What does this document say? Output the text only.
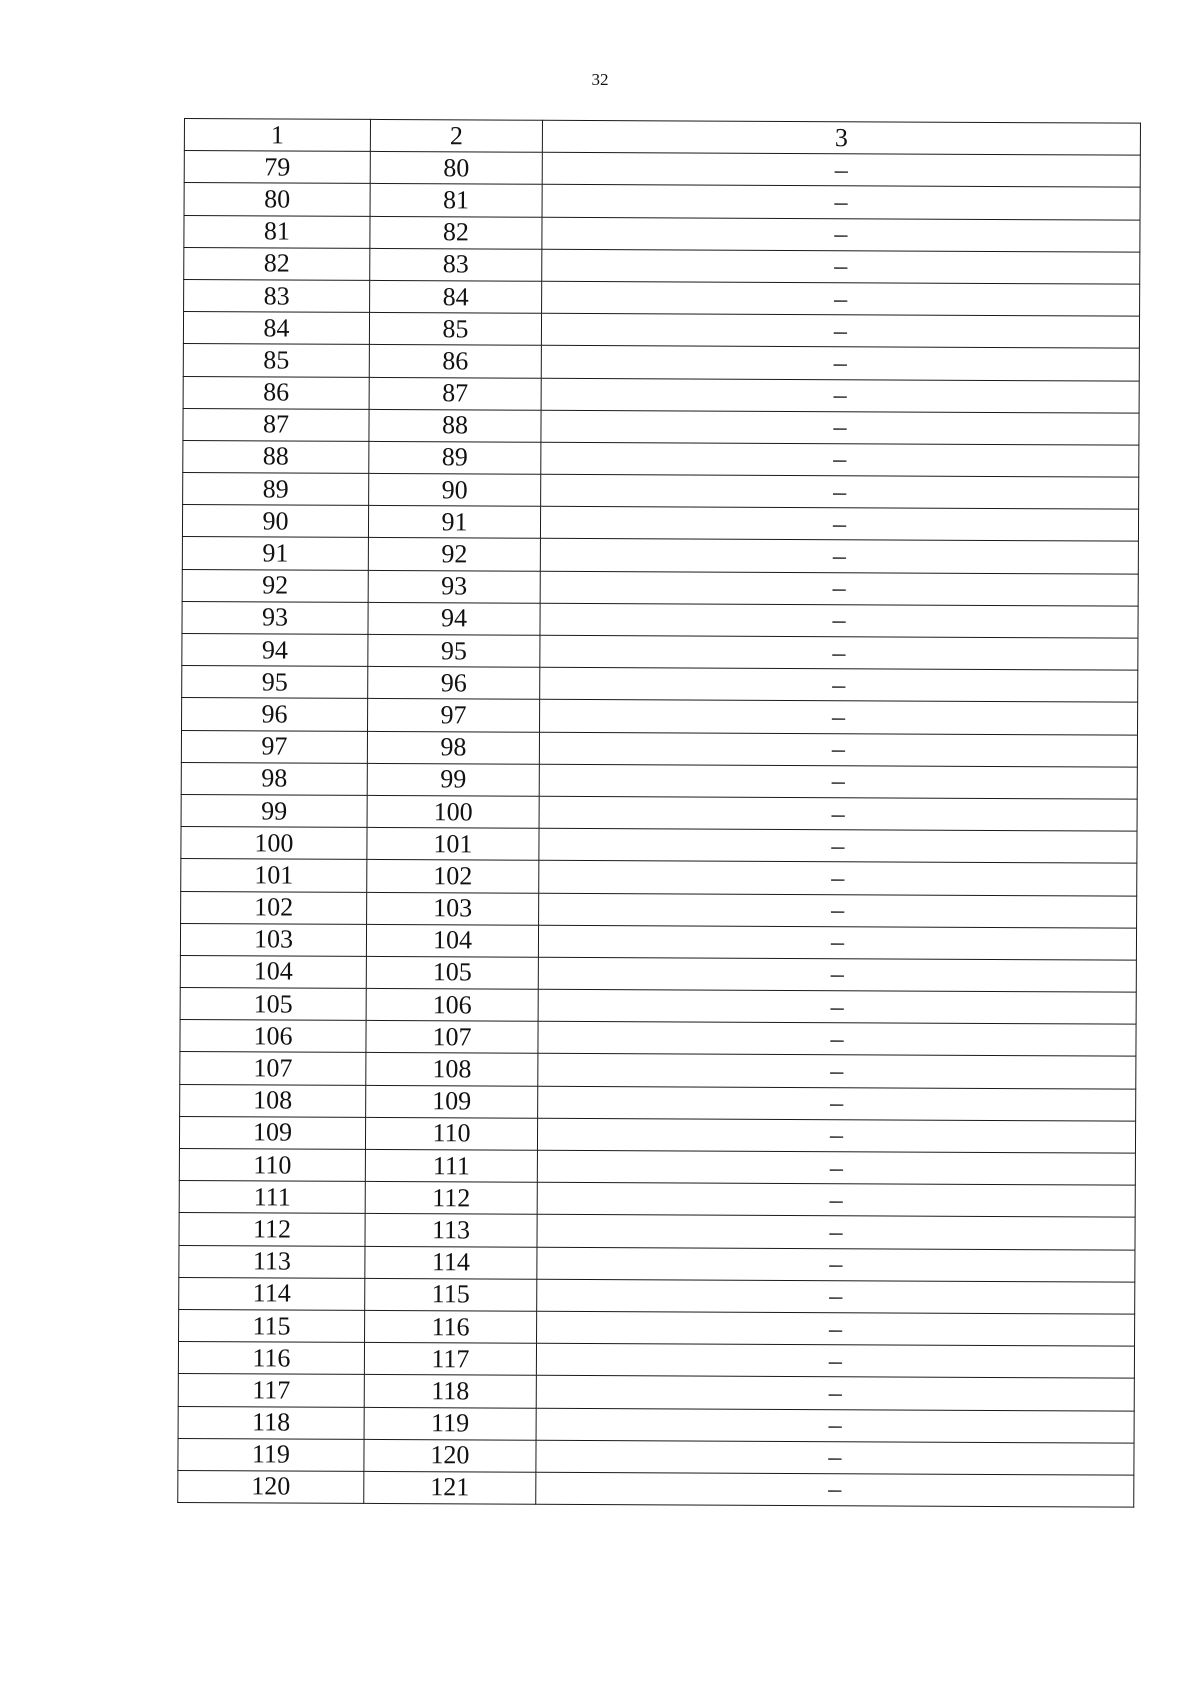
32
1	2	3
79	80	–
80	81	–
81	82	–
82	83	–
83	84	–
84	85	–
85	86	–
86	87	–
87	88	–
88	89	–
89	90	–
90	91	–
91	92	–
92	93	–
93	94	–
94	95	–
95	96	–
96	97	–
97	98	–
98	99	–
99	100	–
100	101	–
101	102	–
102	103	–
103	104	–
104	105	–
105	106	–
106	107	–
107	108	–
108	109	–
109	110	–
110	111	–
111	112	–
112	113	–
113	114	–
114	115	–
115	116	–
116	117	–
117	118	–
118	119	–
119	120	–
120	121	–
